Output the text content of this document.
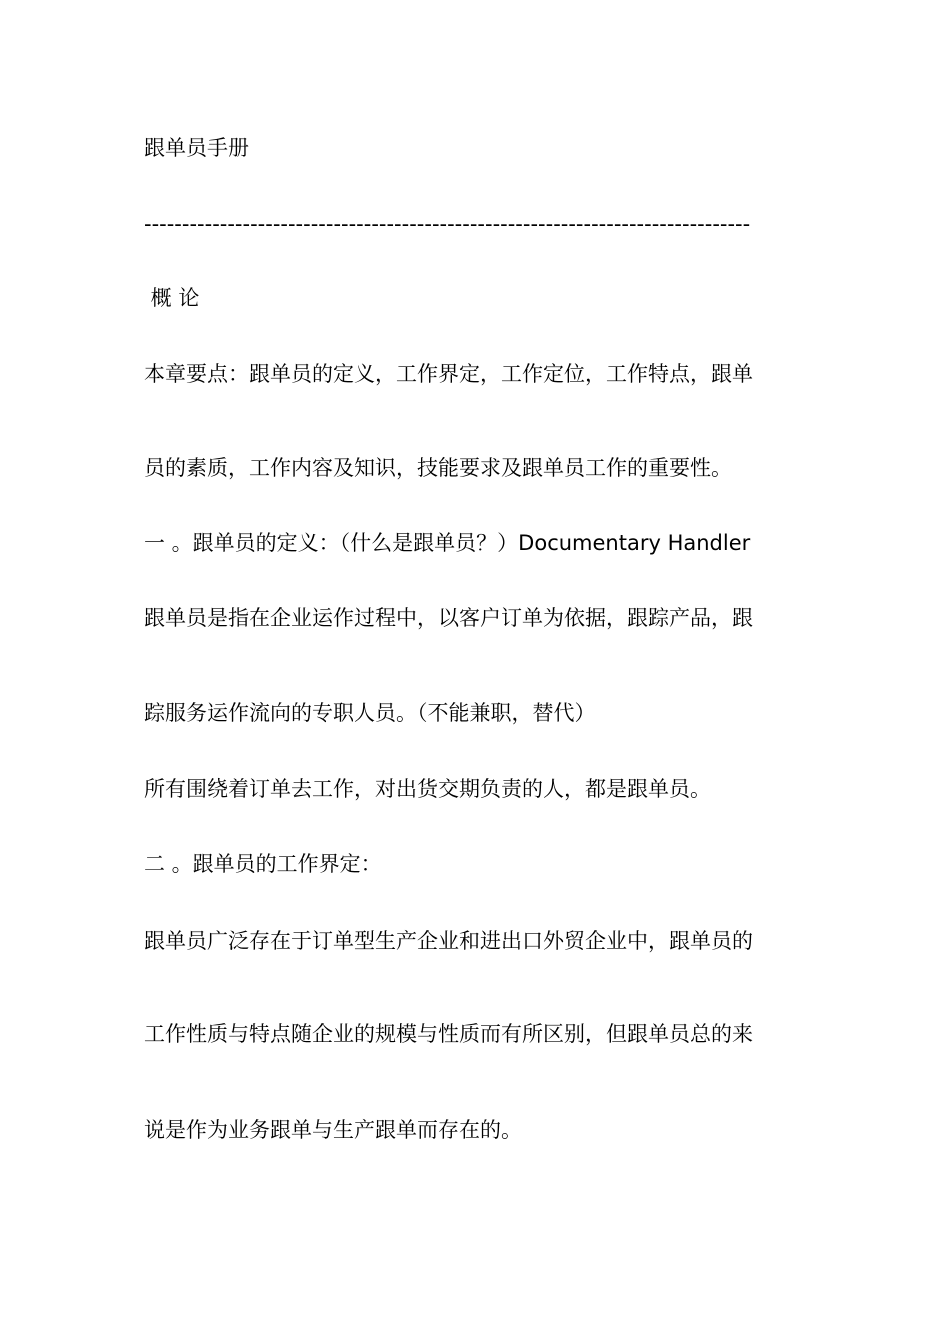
跟单员手册
--------------------------------------------------------------------------------
概 论
本章要点：跟单员的定义，工作界定，工作定位，工作特点，跟单
员的素质，工作内容及知识，技能要求及跟单员工作的重要性。
一 。跟单员的定义：（什么是跟单员？）Documentary Handler
跟单员是指在企业运作过程中，以客户订单为依据，跟踪产品，跟
踪服务运作流向的专职人员。（不能兼职，替代）
所有围绕着订单去工作，对出货交期负责的人，都是跟单员。
二 。跟单员的工作界定：
跟单员广泛存在于订单型生产企业和进出口外贸企业中，跟单员的
工作性质与特点随企业的规模与性质而有所区别，但跟单员总的来
说是作为业务跟单与生产跟单而存在的。
